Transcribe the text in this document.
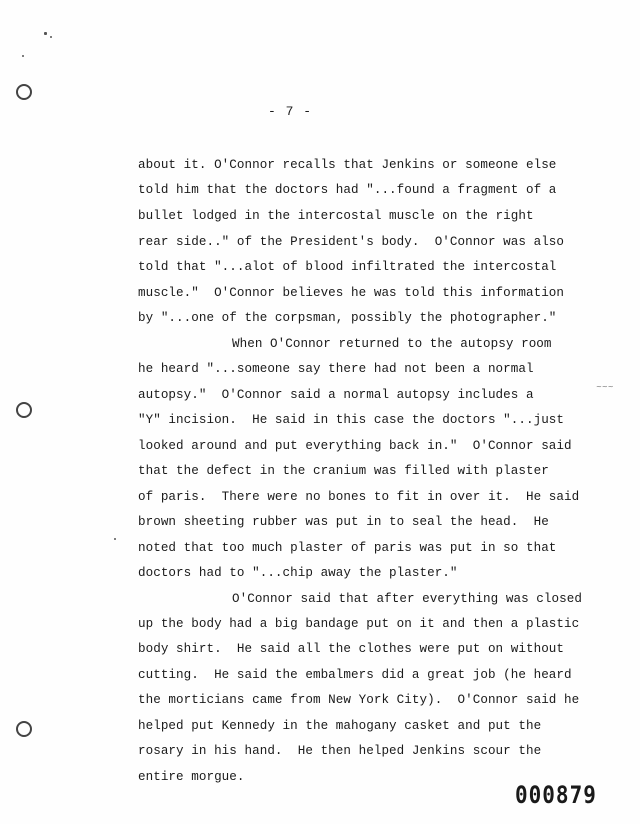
- 7 -
about it. O'Connor recalls that Jenkins or someone else
told him that the doctors had "...found a fragment of a
bullet lodged in the intercostal muscle on the right
rear side.." of the President's body.  O'Connor was also
told that "...alot of blood infiltrated the intercostal
muscle."  O'Connor believes he was told this information
by "...one of the corpsman, possibly the photographer."
When O'Connor returned to the autopsy room
he heard "...someone say there had not been a normal
autopsy."  O'Connor said a normal autopsy includes a
"Y" incision.  He said in this case the doctors "...just
looked around and put everything back in."  O'Connor said
that the defect in the cranium was filled with plaster
of paris.  There were no bones to fit in over it.  He said
brown sheeting rubber was put in to seal the head.  He
noted that too much plaster of paris was put in so that
doctors had to "...chip away the plaster."
O'Connor said that after everything was closed
up the body had a big bandage put on it and then a plastic
body shirt.  He said all the clothes were put on without
cutting.  He said the embalmers did a great job (he heard
the morticians came from New York City).  O'Connor said he
helped put Kennedy in the mahogany casket and put the
rosary in his hand.  He then helped Jenkins scour the
entire morgue.
~~~
000879
